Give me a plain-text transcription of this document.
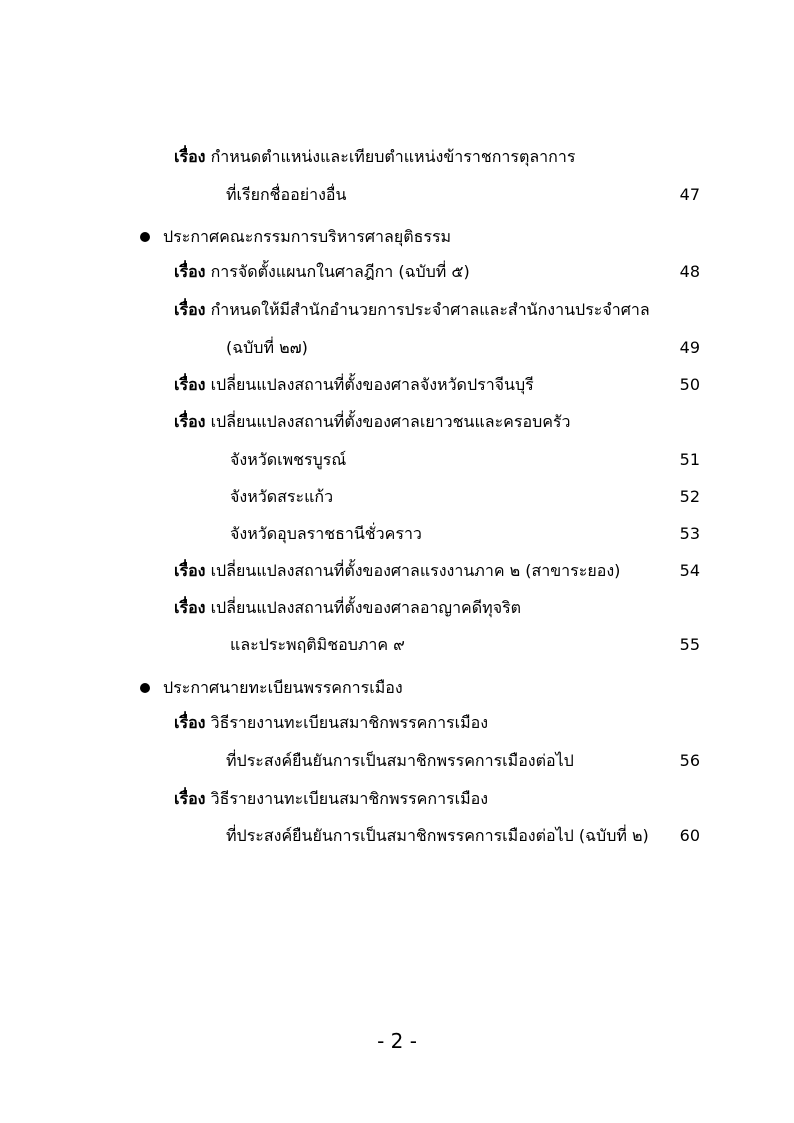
เรื่อง กำหนดตำแหน่งและเทียบตำแหน่งข้าราชการตุลาการ
ที่เรียกชื่ออย่างอื่น	47
ประกาศคณะกรรมการบริหารศาลยุติธรรม
เรื่อง การจัดตั้งแผนกในศาลฎีกา (ฉบับที่ ๕)	48
เรื่อง กำหนดให้มีสำนักอำนวยการประจำศาลและสำนักงานประจำศาล
(ฉบับที่ ๒๗)	49
เรื่อง เปลี่ยนแปลงสถานที่ตั้งของศาลจังหวัดปราจีนบุรี	50
เรื่อง เปลี่ยนแปลงสถานที่ตั้งของศาลเยาวชนและครอบครัว
จังหวัดเพชรบูรณ์	51
จังหวัดสระแก้ว	52
จังหวัดอุบลราชธานีชั่วคราว	53
เรื่อง เปลี่ยนแปลงสถานที่ตั้งของศาลแรงงานภาค ๒ (สาขาระยอง)	54
เรื่อง เปลี่ยนแปลงสถานที่ตั้งของศาลอาญาคดีทุจริต
และประพฤติมิชอบภาค ๙	55
ประกาศนายทะเบียนพรรคการเมือง
เรื่อง วิธีรายงานทะเบียนสมาชิกพรรคการเมือง
ที่ประสงค์ยืนยันการเป็นสมาชิกพรรคการเมืองต่อไป	56
เรื่อง วิธีรายงานทะเบียนสมาชิกพรรคการเมือง
ที่ประสงค์ยืนยันการเป็นสมาชิกพรรคการเมืองต่อไป (ฉบับที่ ๒) 60
- 2 -
